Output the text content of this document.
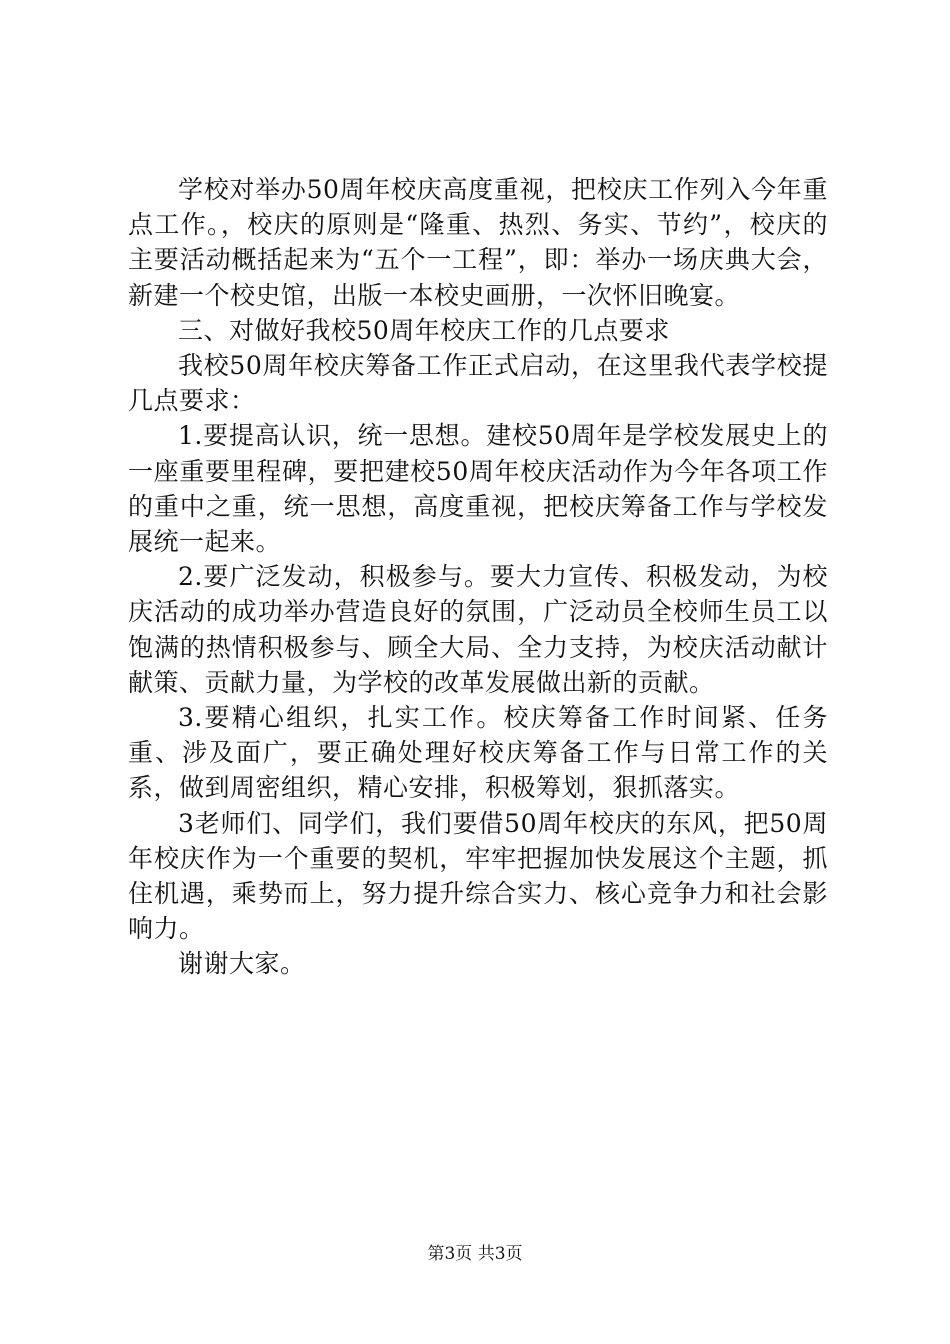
学校对举办50周年校庆高度重视，把校庆工作列入今年重点工作。，校庆的原则是“隆重、热烈、务实、节约”，校庆的主要活动概括起来为“五个一工程”，即：举办一场庆典大会，新建一个校史馆，出版一本校史画册，一次怀旧晚宴。

三、对做好我校50周年校庆工作的几点要求

我校50周年校庆筹备工作正式启动，在这里我代表学校提几点要求：

1.要提高认识，统一思想。建校50周年是学校发展史上的一座重要里程碑，要把建校50周年校庆活动作为今年各项工作的重中之重，统一思想，高度重视，把校庆筹备工作与学校发展统一起来。

2.要广泛发动，积极参与。要大力宣传、积极发动，为校庆活动的成功举办营造良好的氛围，广泛动员全校师生员工以饱满的热情积极参与、顾全大局、全力支持，为校庆活动献计献策、贡献力量，为学校的改革发展做出新的贡献。

3.要精心组织，扎实工作。校庆筹备工作时间紧、任务重、涉及面广，要正确处理好校庆筹备工作与日常工作的关系，做到周密组织，精心安排，积极筹划，狠抓落实。

3老师们、同学们，我们要借50周年校庆的东风，把50周年校庆作为一个重要的契机，牢牢把握加快发展这个主题，抓住机遇，乘势而上，努力提升综合实力、核心竞争力和社会影响力。

谢谢大家。

第3页 共3页
